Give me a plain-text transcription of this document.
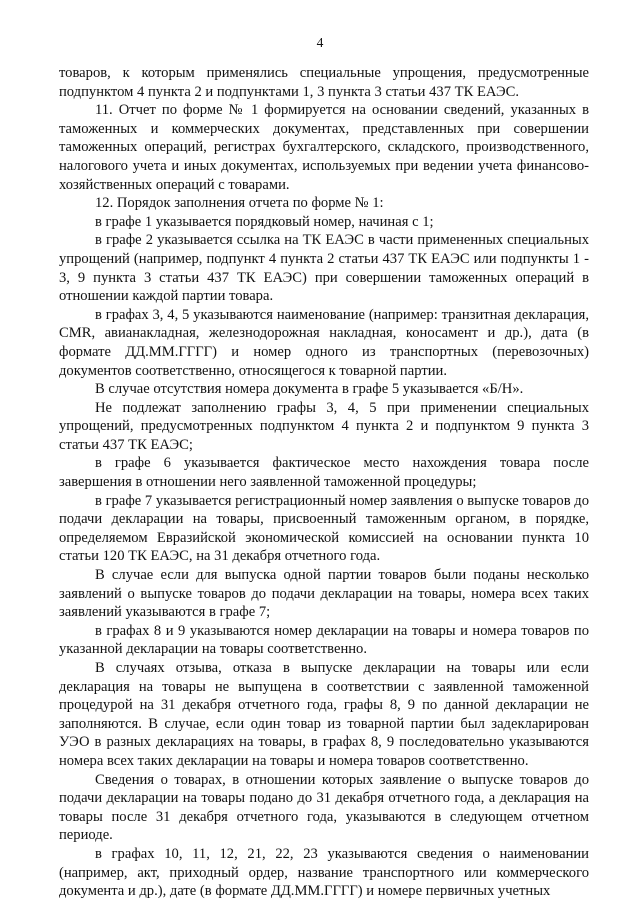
4

товаров, к которым применялись специальные упрощения, предусмотренные подпунктом 4 пункта 2 и подпунктами 1, 3 пункта 3 статьи 437 ТК ЕАЭС.

11. Отчет по форме № 1 формируется на основании сведений, указанных в таможенных и коммерческих документах, представленных при совершении таможенных операций, регистрах бухгалтерского, складского, производственного, налогового учета и иных документах, используемых при ведении учета финансово-хозяйственных операций с товарами.

12. Порядок заполнения отчета по форме № 1:

в графе 1 указывается порядковый номер, начиная с 1;

в графе 2 указывается ссылка на ТК ЕАЭС в части примененных специальных упрощений (например, подпункт 4 пункта 2 статьи 437 ТК ЕАЭС или подпункты 1 - 3, 9 пункта 3 статьи 437 ТК ЕАЭС) при совершении таможенных операций в отношении каждой партии товара.

в графах 3, 4, 5 указываются наименование (например: транзитная декларация, CMR, авианакладная, железнодорожная накладная, коносамент и др.), дата (в формате ДД.ММ.ГГГГ) и номер одного из транспортных (перевозочных) документов соответственно, относящегося к товарной партии.

В случае отсутствия номера документа в графе 5 указывается «Б/Н».

Не подлежат заполнению графы 3, 4, 5 при применении специальных упрощений, предусмотренных подпунктом 4 пункта 2 и подпунктом 9 пункта 3 статьи 437 ТК ЕАЭС;

в графе 6 указывается фактическое место нахождения товара после завершения в отношении него заявленной таможенной процедуры;

в графе 7 указывается регистрационный номер заявления о выпуске товаров до подачи декларации на товары, присвоенный таможенным органом, в порядке, определяемом Евразийской экономической комиссией на основании пункта 10 статьи 120 ТК ЕАЭС, на 31 декабря отчетного года.

В случае если для выпуска одной партии товаров были поданы несколько заявлений о выпуске товаров до подачи декларации на товары, номера всех таких заявлений указываются в графе 7;

в графах 8 и 9 указываются номер декларации на товары и номера товаров по указанной декларации на товары соответственно.

В случаях отзыва, отказа в выпуске декларации на товары или если декларация на товары не выпущена в соответствии с заявленной таможенной процедурой на 31 декабря отчетного года, графы 8, 9 по данной декларации не заполняются. В случае, если один товар из товарной партии был задекларирован УЭО в разных декларациях на товары, в графах 8, 9 последовательно указываются номера всех таких декларации на товары и номера товаров соответственно.

Сведения о товарах, в отношении которых заявление о выпуске товаров до подачи декларации на товары подано до 31 декабря отчетного года, а декларация на товары после 31 декабря отчетного года, указываются в следующем отчетном периоде.

в графах 10, 11, 12, 21, 22, 23 указываются сведения о наименовании (например, акт, приходный ордер, название транспортного или коммерческого документа и др.), дате (в формате ДД.ММ.ГГГГ) и номере первичных учетных
